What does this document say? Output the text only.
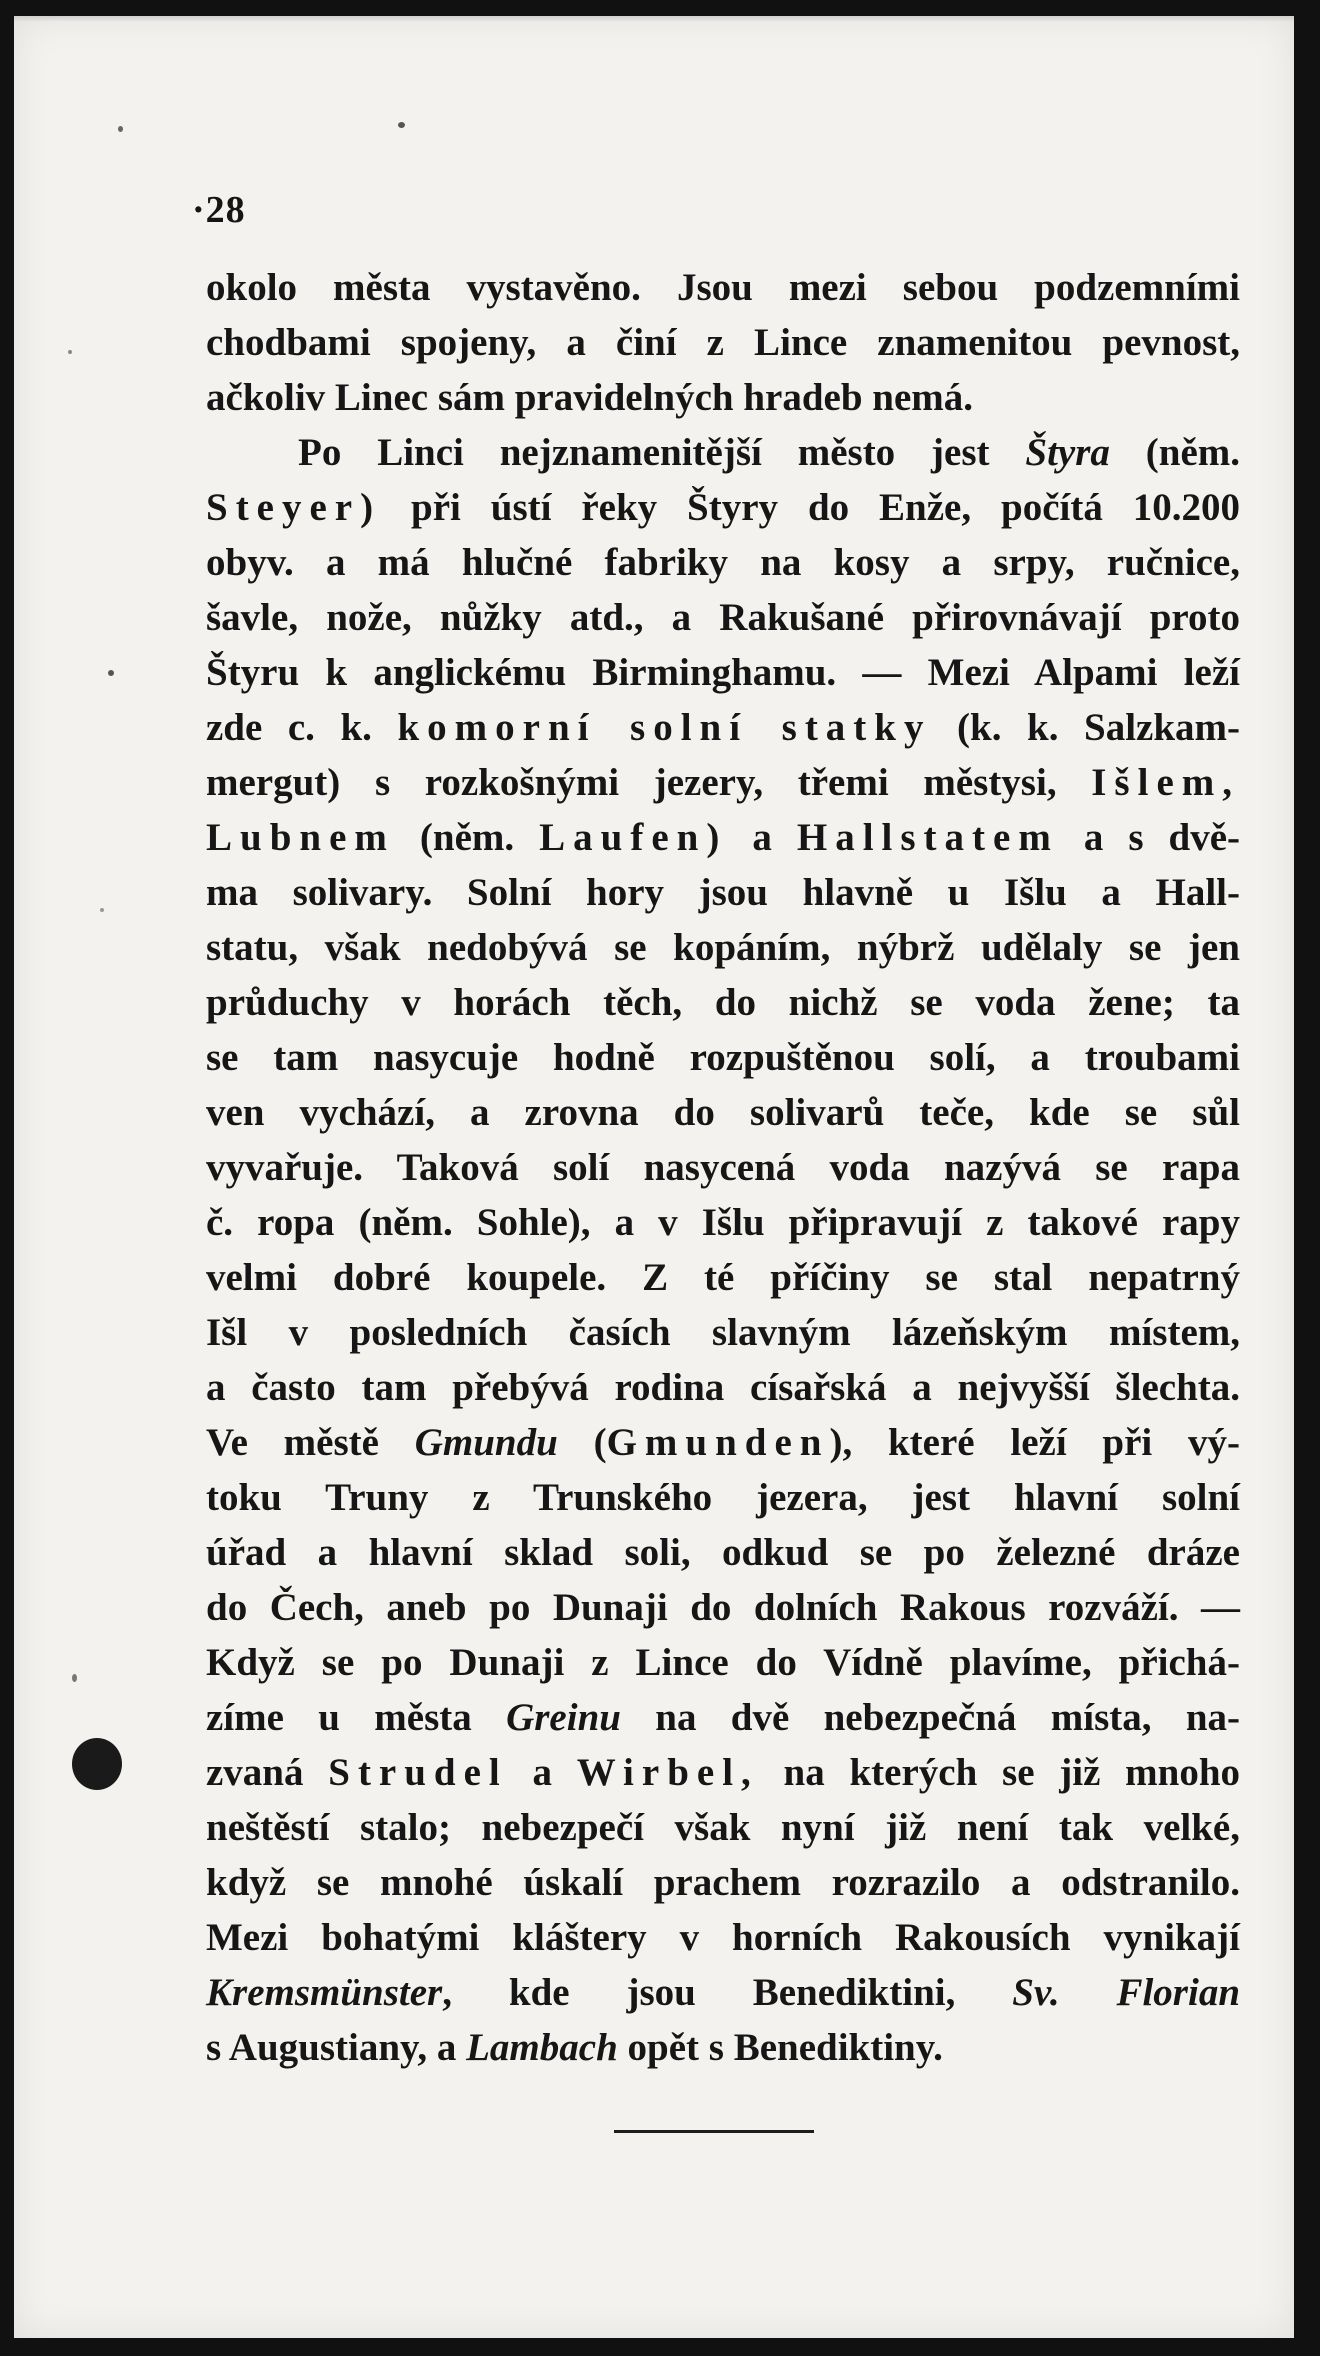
·28
okolo města vystavěno. Jsou mezi sebou podzemními
chodbami spojeny, a činí z Lince znamenitou pevnost,
ačkoliv Linec sám pravidelných hradeb nemá.
Po Linci nejznamenitější město jest Štyra (něm.
Steyer) při ústí řeky Štyry do Enže, počítá 10.200
obyv. a má hlučné fabriky na kosy a srpy, ručnice,
šavle, nože, nůžky atd., a Rakušané přirovnávají proto
Štyru k anglickému Birminghamu. — Mezi Alpami leží
zde c. k. komorní solní statky (k. k. Salzkam-
mergut) s rozkošnými jezery, třemi městysi, Išlem,
Lubnem (něm. Laufen) a Hallstatem a s dvě-
ma solivary. Solní hory jsou hlavně u Išlu a Hall-
statu, však nedobývá se kopáním, nýbrž udělaly se jen
průduchy v horách těch, do nichž se voda žene; ta
se tam nasycuje hodně rozpuštěnou solí, a troubami
ven vychází, a zrovna do solivarů teče, kde se sůl
vyvařuje. Taková solí nasycená voda nazývá se rapa
č. ropa (něm. Sohle), a v Išlu připravují z takové rapy
velmi dobré koupele. Z té příčiny se stal nepatrný
Išl v posledních časích slavným lázeňským místem,
a často tam přebývá rodina císařská a nejvyšší šlechta.
Ve městě Gmundu (Gmunden), které leží při vý-
toku Truny z Trunského jezera, jest hlavní solní
úřad a hlavní sklad soli, odkud se po železné dráze
do Čech, aneb po Dunaji do dolních Rakous rozváží. —
Když se po Dunaji z Lince do Vídně plavíme, přichá-
zíme u města Greinu na dvě nebezpečná místa, na-
zvaná Strudel a Wirbel, na kterých se již mnoho
neštěstí stalo; nebezpečí však nyní již není tak velké,
když se mnohé úskalí prachem rozrazilo a odstranilo.
Mezi bohatými kláštery v horních Rakousích vynikají
Kremsmünster, kde jsou Benediktini, Sv. Florian
s Augustiany, a Lambach opět s Benediktiny.
